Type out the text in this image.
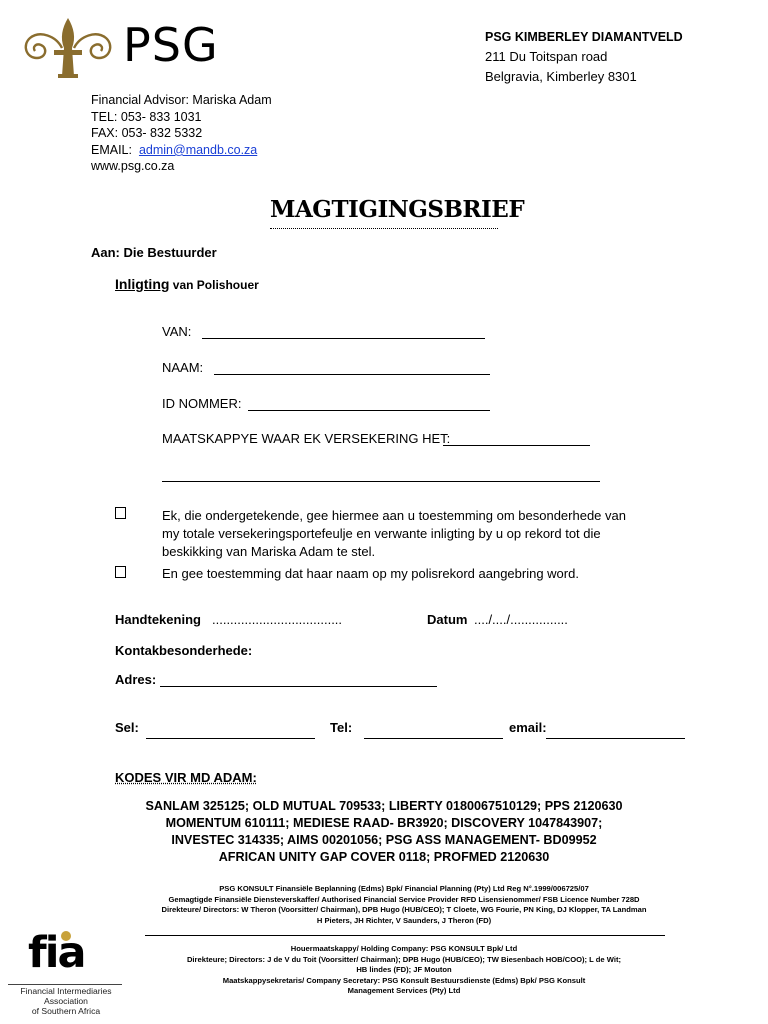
PSG	PSG KIMBERLEY DIAMANTVELD
211 Du Toitspan road
Belgravia, Kimberley 8301
Financial Advisor: Mariska Adam
TEL: 053- 833 1031
FAX: 053- 832 5332
EMAIL: admin@mandb.co.za
www.psg.co.za
MAGTIGINGSBRIEF
Aan: Die Bestuurder
Inligting van Polishouer
VAN:
NAAM:
ID NOMMER:
MAATSKAPPYE WAAR EK VERSEKERING HET:
Ek, die ondergetekende, gee hiermee aan u toestemming om besonderhede van
my totale versekeringsportefeulje en verwante inligting by u op rekord tot die
beskikking van Mariska Adam te stel.
En gee toestemming dat haar naam op my polisrekord aangebring word.
Handtekening ....................................	Datum ..../..../................
Kontakbesonderhede:
Adres:
Sel:	Tel:	email:
KODES VIR MD ADAM:
SANLAM 325125; OLD MUTUAL 709533; LIBERTY 0180067510129; PPS 2120630
MOMENTUM 610111; MEDIESE RAAD- BR3920; DISCOVERY 1047843907;
INVESTEC 314335; AIMS 00201056; PSG ASS MANAGEMENT- BD09952
AFRICAN UNITY GAP COVER 0118; PROFMED 2120630
PSG KONSULT Finansiële Beplanning (Edms) Bpk/ Financial Planning (Pty) Ltd Reg N°.1999/006725/07
Gemagtigde Finansiële Diensteverskaffer/ Authorised Financial Service Provider RFD Lisensienommer/ FSB Licence Number 728D
Direkteure/ Directors: W Theron (Voorsitter/ Chairman), DPB Hugo (HUB/CEO); T Cloete, WG Fourie, PN King, DJ Klopper, TA Landman
H Pieters, JH Richter, V Saunders, J Theron (FD)
Houermaatskappy/ Holding Company: PSG KONSULT Bpk/ Ltd
Direkteure; Directors: J de V du Toit (Voorsitter/ Chairman); DPB Hugo (HUB/CEO); TW Biesenbach HOB/COO); L de Wit;
HB lindes (FD); JF Mouton
Maatskappysekretaris/ Company Secretary: PSG Konsult Bestuursdienste (Edms) Bpk/ PSG Konsult
Management Services (Pty) Ltd
fia
Financial Intermediaries Association
of Southern Africa
